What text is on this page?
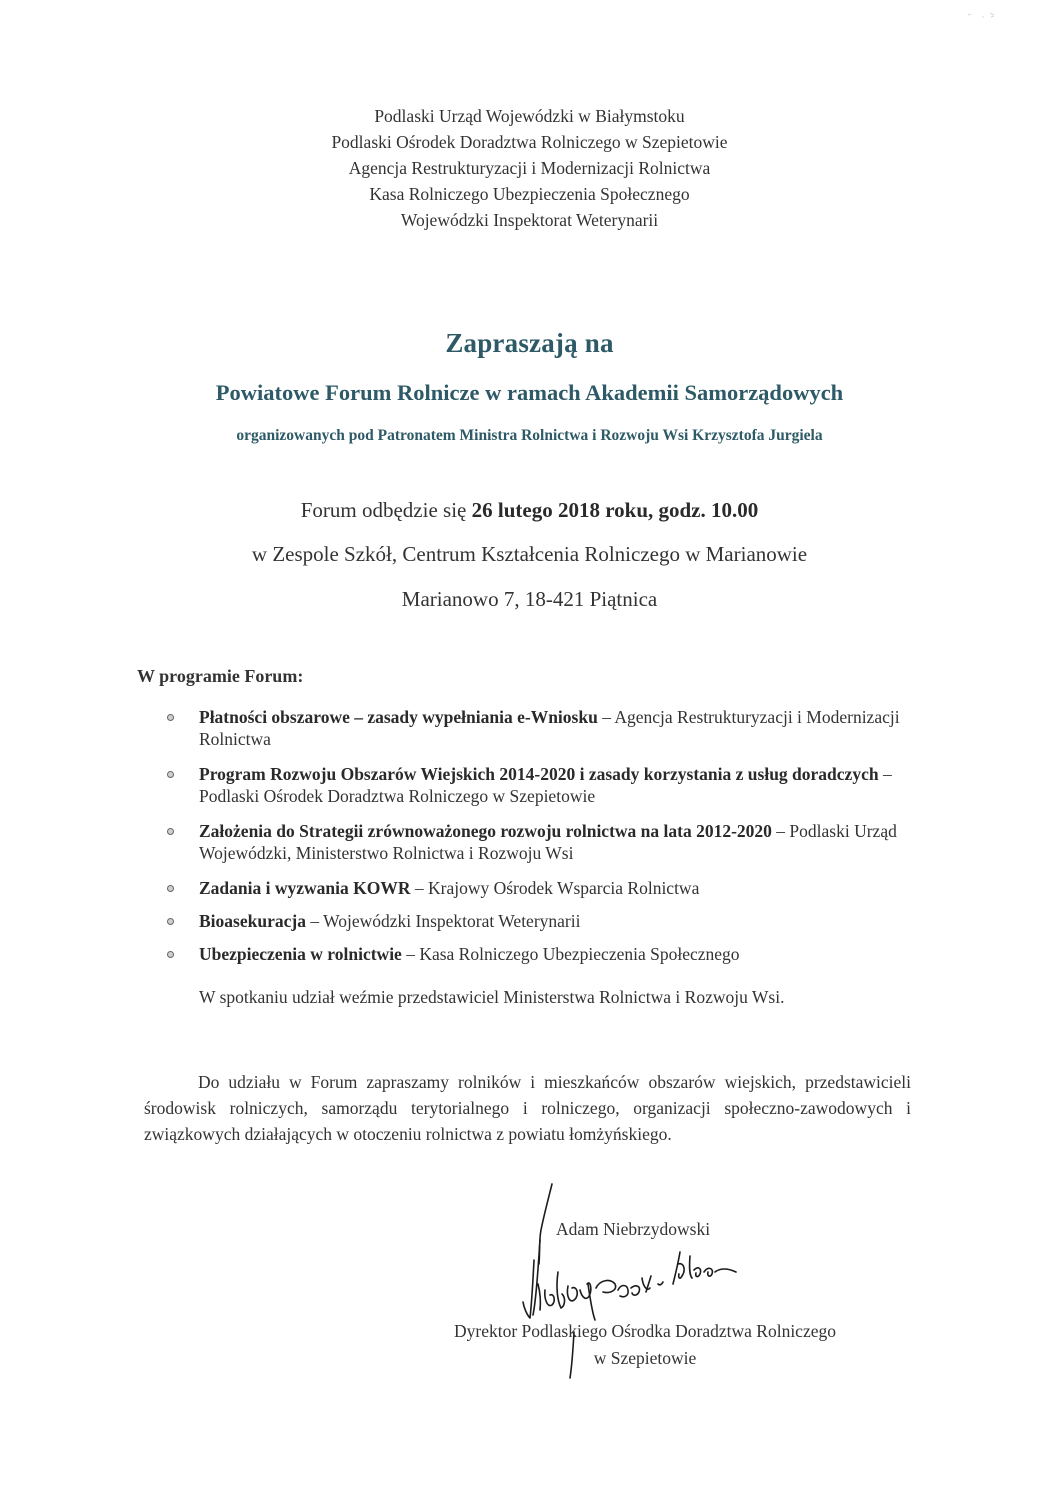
Podlaski Urząd Wojewódzki w Białymstoku
Podlaski Ośrodek Doradztwa Rolniczego w Szepietowie
Agencja Restrukturyzacji i Modernizacji Rolnictwa
Kasa Rolniczego Ubezpieczenia Społecznego
Wojewódzki Inspektorat Weterynarii
Zapraszają na
Powiatowe Forum Rolnicze w ramach Akademii Samorządowych
organizowanych pod Patronatem Ministra Rolnictwa i Rozwoju Wsi Krzysztofa Jurgiela
Forum odbędzie się 26 lutego 2018 roku, godz. 10.00
w Zespole Szkół, Centrum Kształcenia Rolniczego w Marianowie
Marianowo 7, 18-421 Piątnica
W programie Forum:
Płatności obszarowe – zasady wypełniania e-Wniosku – Agencja Restrukturyzacji i Modernizacji Rolnictwa
Program Rozwoju Obszarów Wiejskich 2014-2020 i zasady korzystania z usług doradczych – Podlaski Ośrodek Doradztwa Rolniczego w Szepietowie
Założenia do Strategii zrównoważonego rozwoju rolnictwa na lata 2012-2020 – Podlaski Urząd Wojewódzki, Ministerstwo Rolnictwa i Rozwoju Wsi
Zadania i wyzwania KOWR – Krajowy Ośrodek Wsparcia Rolnictwa
Bioasekuracja – Wojewódzki Inspektorat Weterynarii
Ubezpieczenia w rolnictwie – Kasa Rolniczego Ubezpieczenia Społecznego
W spotkaniu udział weźmie przedstawiciel Ministerstwa Rolnictwa i Rozwoju Wsi.
Do udziału w Forum zapraszamy rolników i mieszkańców obszarów wiejskich, przedstawicieli środowisk rolniczych, samorządu terytorialnego i rolniczego, organizacji społeczno-zawodowych i związkowych działających w otoczeniu rolnictwa z powiatu łomżyńskiego.
Adam Niebrzydowski
Dyrektor Podlaskiego Ośrodka Doradztwa Rolniczego
w Szepietowie
